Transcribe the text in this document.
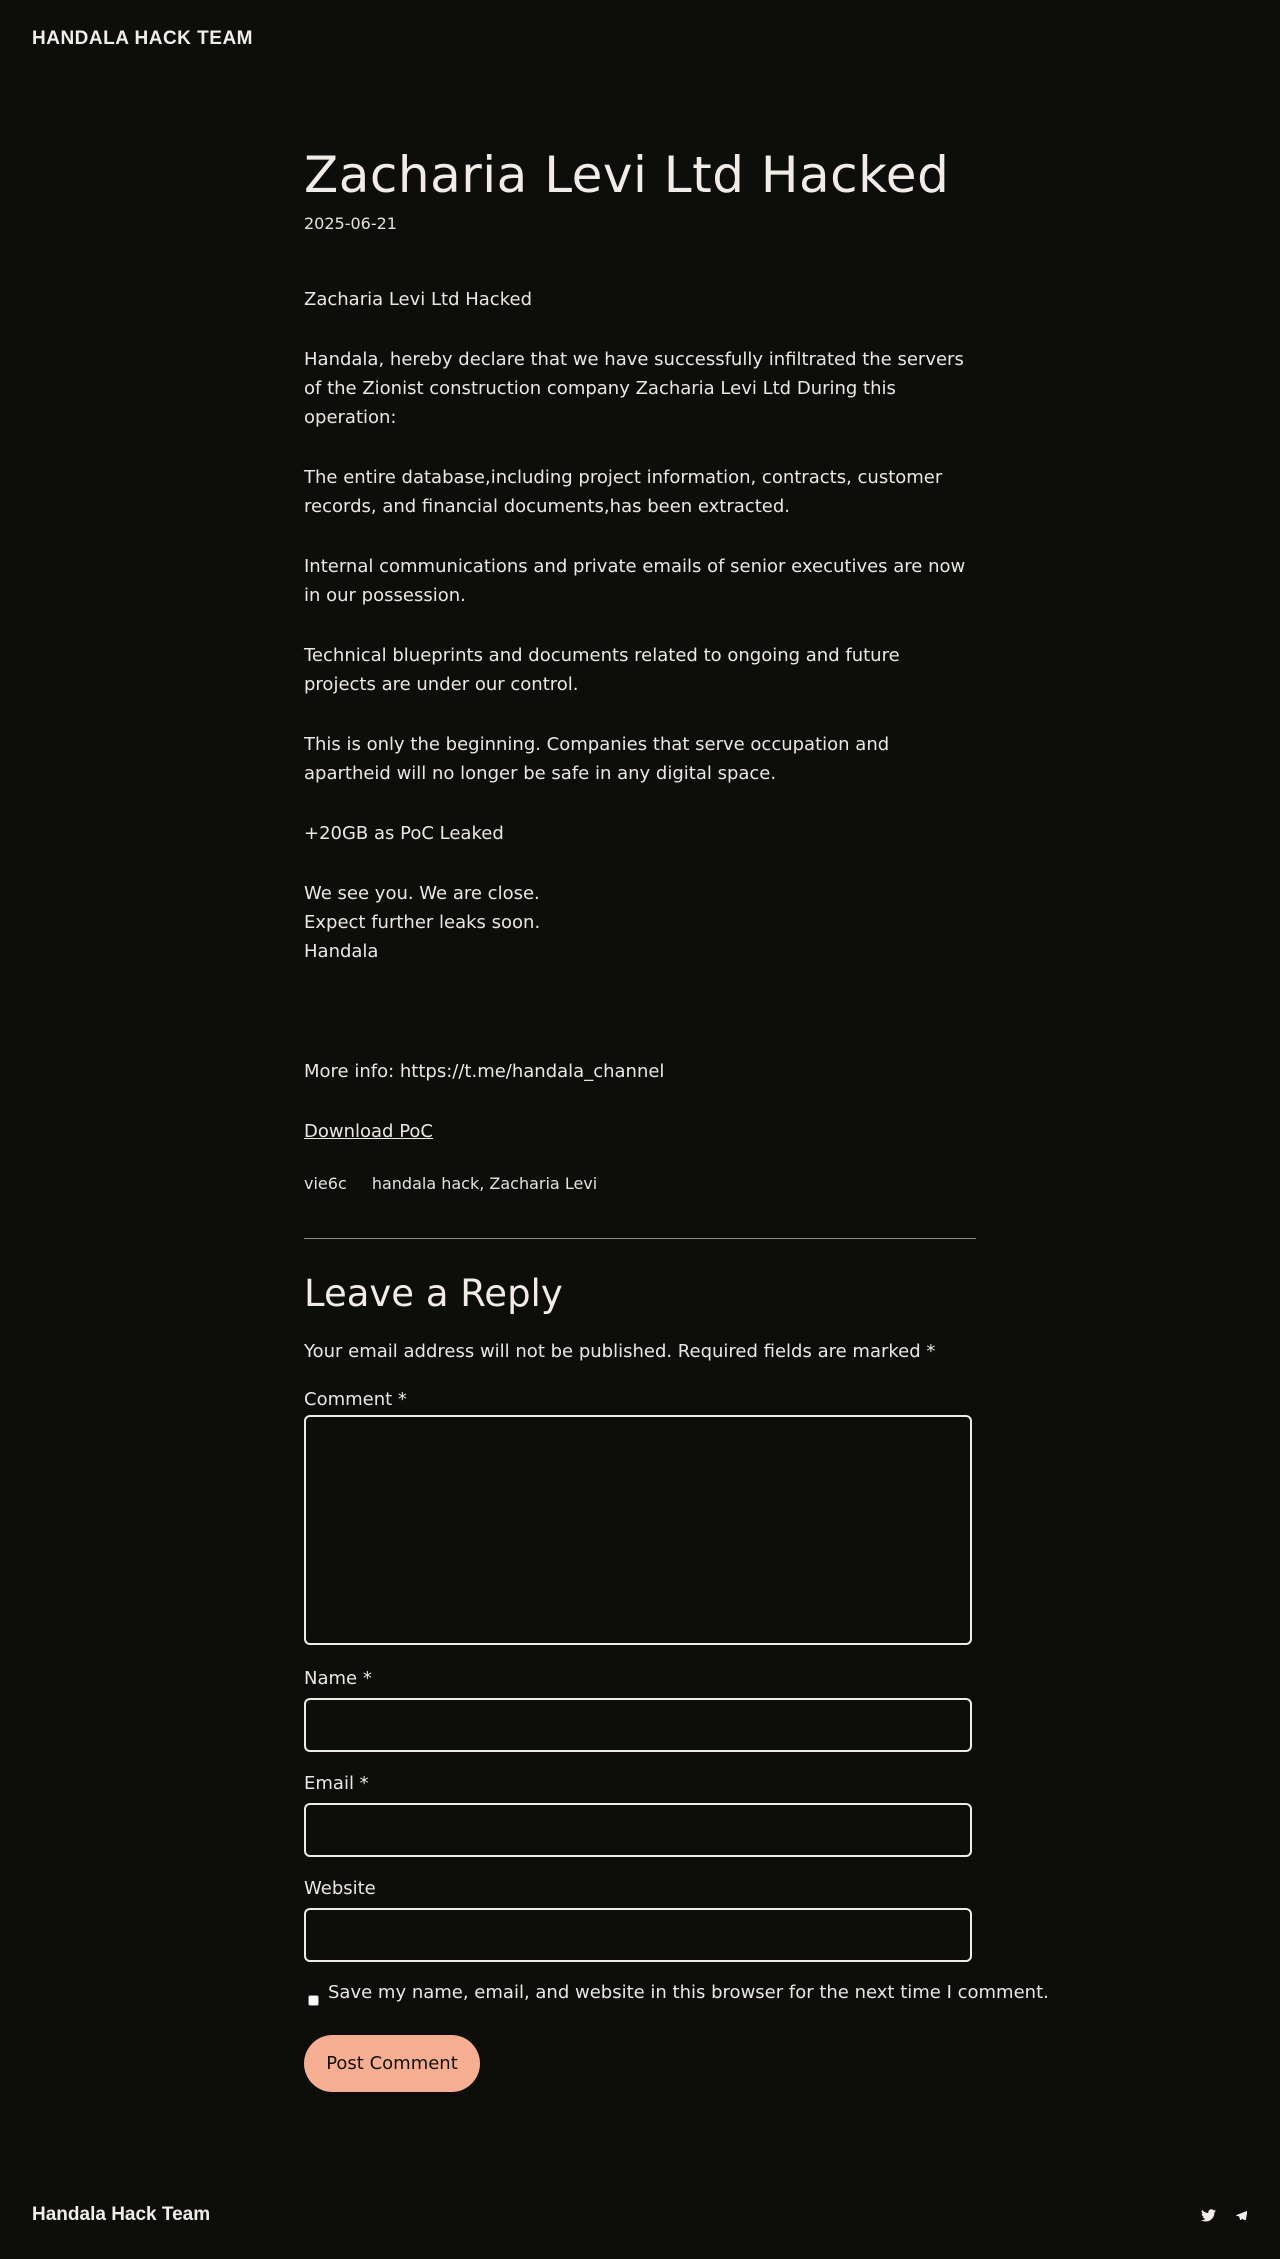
HANDALA HACK TEAM
Zacharia Levi Ltd Hacked
2025-06-21

Zacharia Levi Ltd Hacked

Handala, hereby declare that we have successfully infiltrated the servers of the Zionist construction company Zacharia Levi Ltd During this operation:

The entire database,including project information, contracts, customer records, and financial documents,has been extracted.

Internal communications and private emails of senior executives are now in our possession.

Technical blueprints and documents related to ongoing and future projects are under our control.

This is only the beginning. Companies that serve occupation and apartheid will no longer be safe in any digital space.

+20GB as PoC Leaked

We see you. We are close.
Expect further leaks soon.
Handala

More info: https://t.me/handala_channel

Download PoC

vie6c handala hack, Zacharia Levi
Leave a Reply
Your email address will not be published. Required fields are marked *
Comment *
Name *
Email *
Website
Save my name, email, and website in this browser for the next time I comment.
Post Comment
Handala Hack Team
